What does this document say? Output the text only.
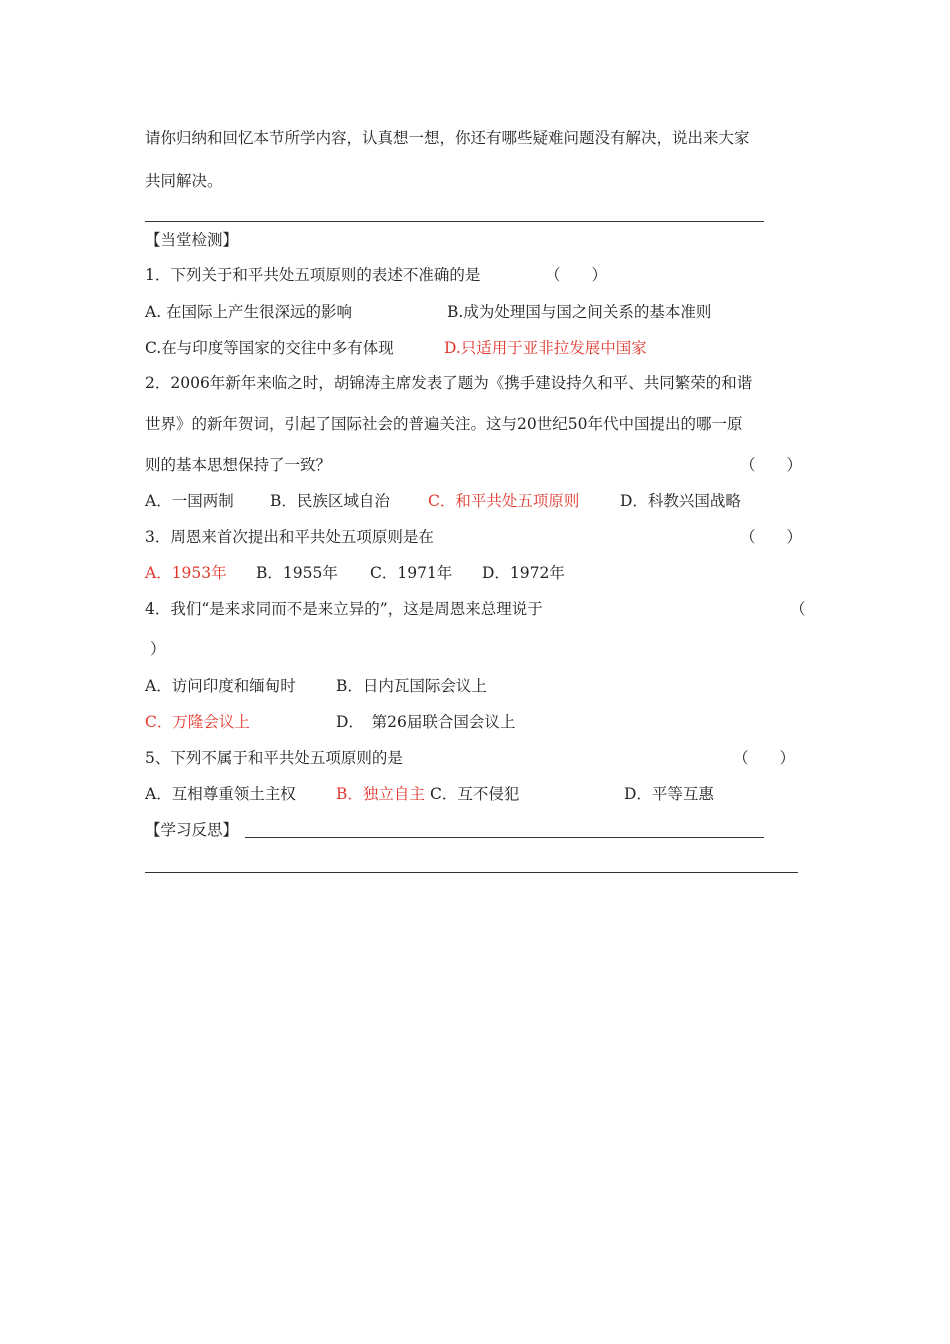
请你归纳和回忆本节所学内容，认真想一想，你还有哪些疑难问题没有解决，说出来大家
共同解决。
【当堂检测】
1．下列关于和平共处五项原则的表述不准确的是	（　　）
A. 在国际上产生很深远的影响	B.成为处理国与国之间关系的基本准则
C.在与印度等国家的交往中多有体现	D.只适用于亚非拉发展中国家
2．2006年新年来临之时，胡锦涛主席发表了题为《携手建设持久和平、共同繁荣的和谐
世界》的新年贺词，引起了国际社会的普遍关注。这与20世纪50年代中国提出的哪一原
则的基本思想保持了一致？	（　　）
A．一国两制 B．民族区域自治 C．和平共处五项原则	D．科教兴国战略
3．周恩来首次提出和平共处五项原则是在	（　　）
A．1953年 B．1955年 C．1971年 D．1972年
4．我们“是来求同而不是来立异的”，这是周恩来总理说于	（
）
A．访问印度和缅甸时	B．日内瓦国际会议上
C．万隆会议上	D．　第26届联合国会议上
5、下列不属于和平共处五项原则的是	（　　）
A．互相尊重领土主权	B．独立自主 C．互不侵犯	D．平等互惠
【学习反思】
